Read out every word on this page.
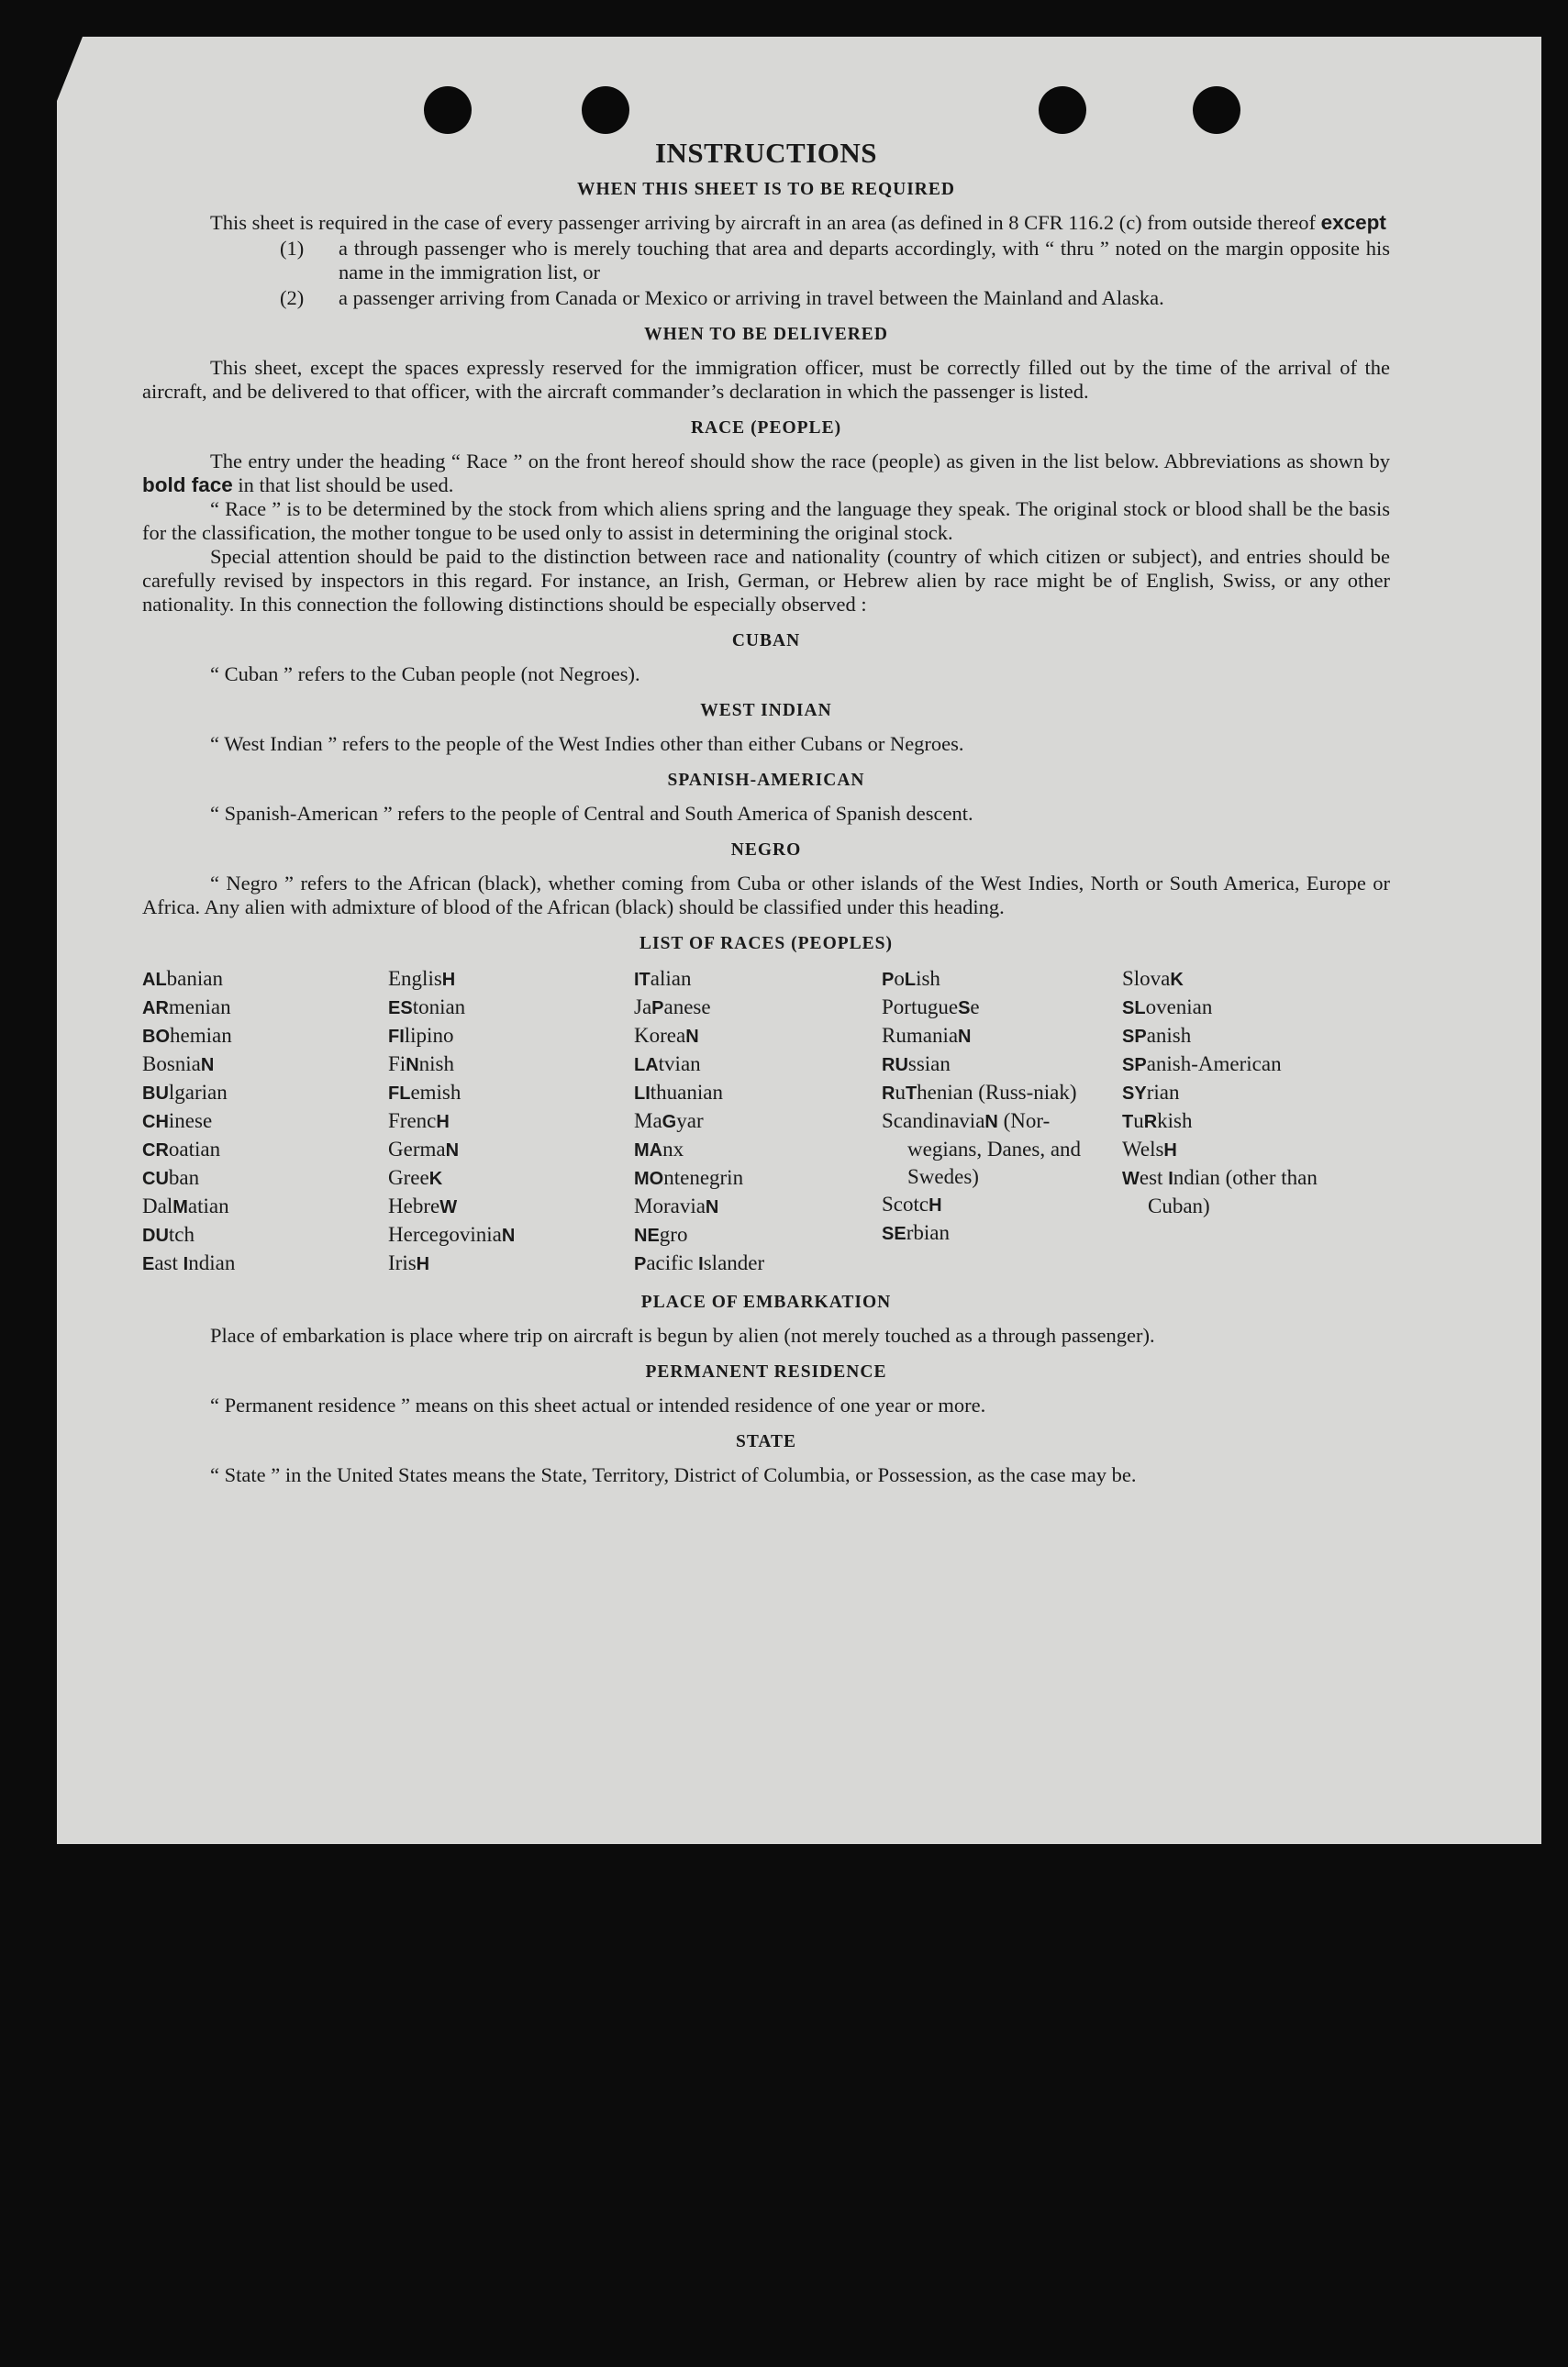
INSTRUCTIONS
WHEN THIS SHEET IS TO BE REQUIRED

This sheet is required in the case of every passenger arriving by aircraft in an area (as defined in 8 CFR 116.2 (c) from outside thereof except

(1)	a through passenger who is merely touching that area and departs accordingly, with “ thru ” noted on the margin opposite his name in the immigration list, or
(2)	a passenger arriving from Canada or Mexico or arriving in travel between the Mainland and Alaska.
WHEN TO BE DELIVERED

This sheet, except the spaces expressly reserved for the immigration officer, must be correctly filled out by the time of the arrival of the aircraft, and be delivered to that officer, with the aircraft commander’s declaration in which the passenger is listed.

RACE (PEOPLE)

The entry under the heading “ Race ” on the front hereof should show the race (people) as given in the list below. Abbreviations as shown by bold face in that list should be used.

“ Race ” is to be determined by the stock from which aliens spring and the language they speak. The original stock or blood shall be the basis for the classification, the mother tongue to be used only to assist in determining the original stock.

Special attention should be paid to the distinction between race and nationality (country of which citizen or subject), and entries should be carefully revised by inspectors in this regard. For instance, an Irish, German, or Hebrew alien by race might be of English, Swiss, or any other nationality. In this connection the following distinctions should be especially observed :

CUBAN

“ Cuban ” refers to the Cuban people (not Negroes).

WEST INDIAN

“ West Indian ” refers to the people of the West Indies other than either Cubans or Negroes.

SPANISH-AMERICAN

“ Spanish-American ” refers to the people of Central and South America of Spanish descent.

NEGRO

“ Negro ” refers to the African (black), whether coming from Cuba or other islands of the West Indies, North or South America, Europe or Africa. Any alien with admixture of blood of the African (black) should be classified under this heading.

LIST OF RACES (PEOPLES)
ALbanian
ARmenian
BOhemian
BosniaN
BUlgarian
CHinese
CRoatian
CUban
DalMatian
DUtch
East Indian
EnglisH
EStonian
FIlipino
FiNnish
FLemish
FrencH
GermaN
GreeK
HebreW
HercegoviniaN
IrisH
ITalian
JaPanese
KoreaN
LAtvian
LIthuanian
MaGyar
MAnx
MOntenegrin
MoraviaN
NEgro
Pacific Islander
PoLish
PortugueSe
RumaniaN
RUssian
RuThenian (Russ-niak)
ScandinaviaN (Nor-wegians, Danes, and Swedes)
ScotcH
SErbian
SlovaK
SLovenian
SPanish
SPanish-American
SYrian
TuRkish
WelsH
West Indian (other than Cuban)
PLACE OF EMBARKATION

Place of embarkation is place where trip on aircraft is begun by alien (not merely touched as a through passenger).

PERMANENT RESIDENCE

“ Permanent residence ” means on this sheet actual or intended residence of one year or more.

STATE

“ State ” in the United States means the State, Territory, District of Columbia, or Possession, as the case may be.
